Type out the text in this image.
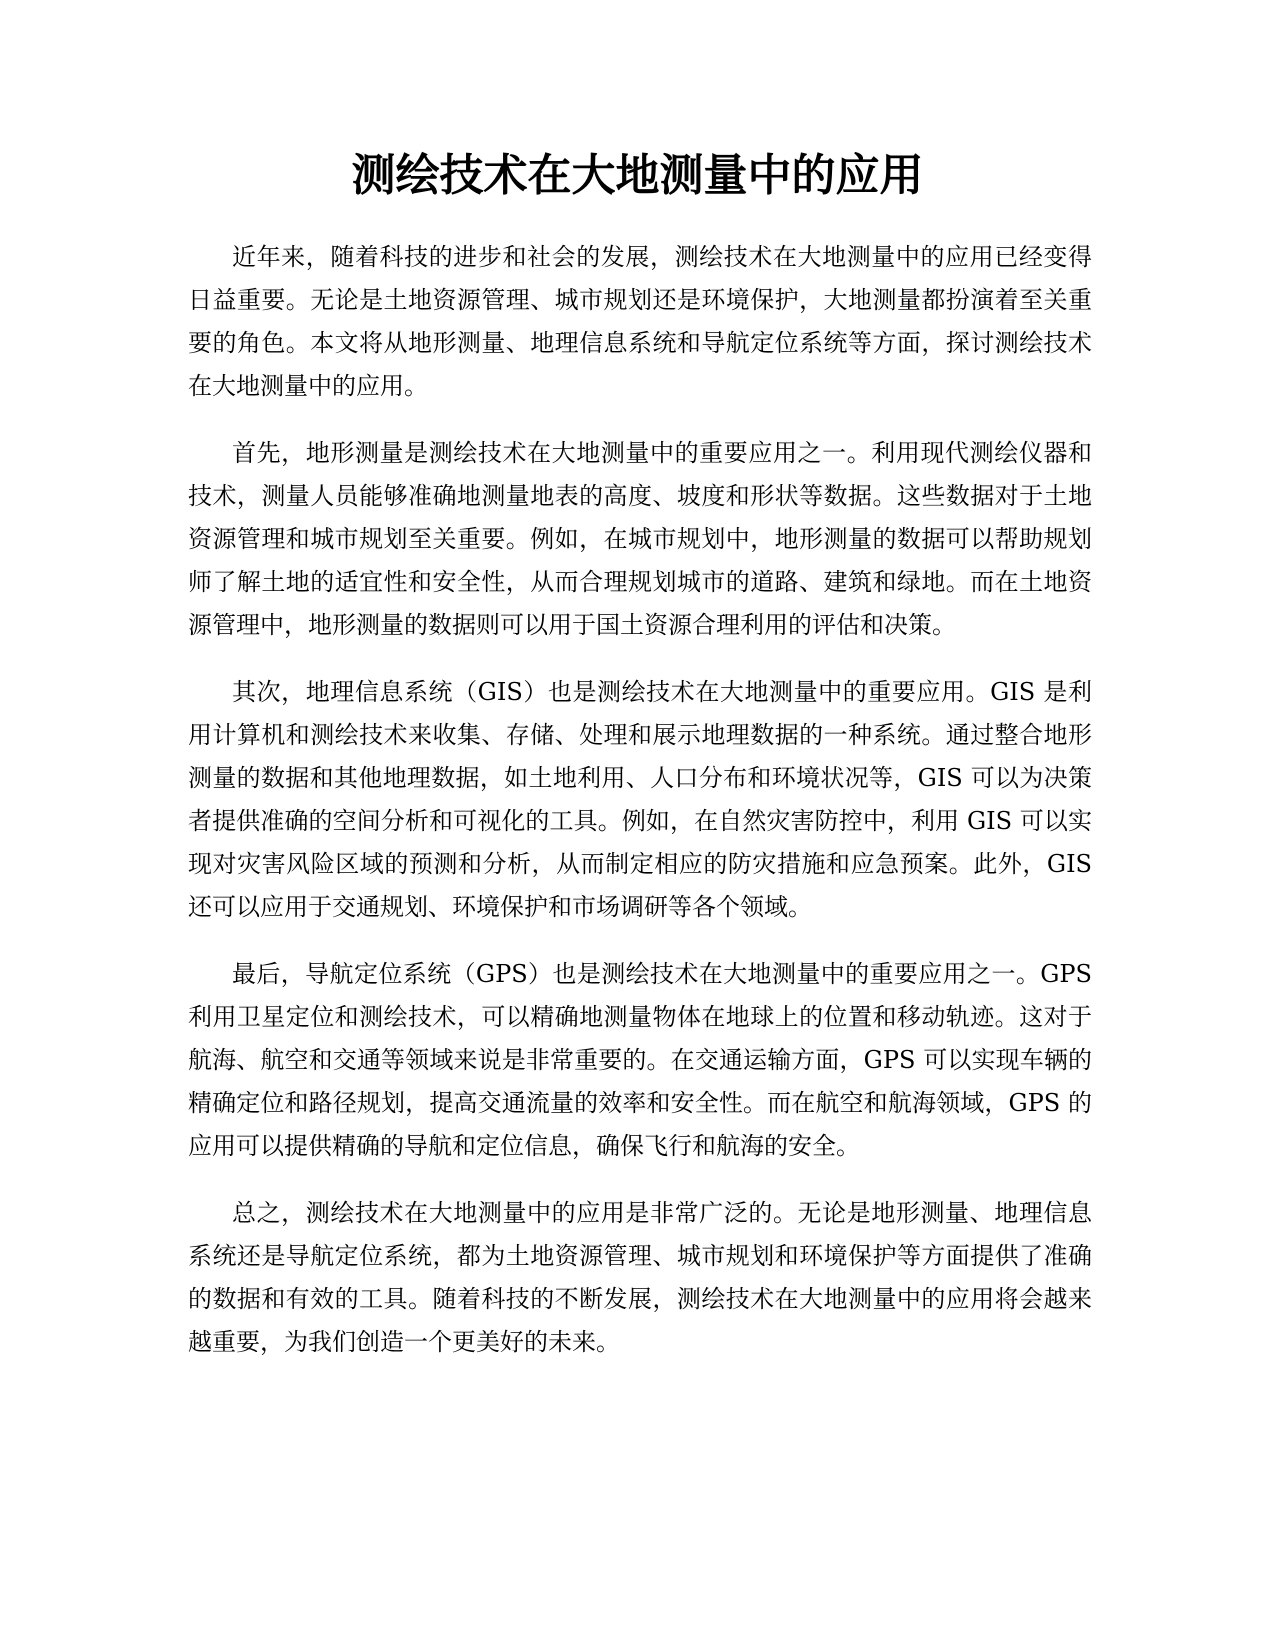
测绘技术在大地测量中的应用

近年来，随着科技的进步和社会的发展，测绘技术在大地测量中的应用已经变得日益重要。无论是土地资源管理、城市规划还是环境保护，大地测量都扮演着至关重要的角色。本文将从地形测量、地理信息系统和导航定位系统等方面，探讨测绘技术在大地测量中的应用。

首先，地形测量是测绘技术在大地测量中的重要应用之一。利用现代测绘仪器和技术，测量人员能够准确地测量地表的高度、坡度和形状等数据。这些数据对于土地资源管理和城市规划至关重要。例如，在城市规划中，地形测量的数据可以帮助规划师了解土地的适宜性和安全性，从而合理规划城市的道路、建筑和绿地。而在土地资源管理中，地形测量的数据则可以用于国土资源合理利用的评估和决策。

其次，地理信息系统（GIS）也是测绘技术在大地测量中的重要应用。GIS 是利用计算机和测绘技术来收集、存储、处理和展示地理数据的一种系统。通过整合地形测量的数据和其他地理数据，如土地利用、人口分布和环境状况等，GIS 可以为决策者提供准确的空间分析和可视化的工具。例如，在自然灾害防控中，利用 GIS 可以实现对灾害风险区域的预测和分析，从而制定相应的防灾措施和应急预案。此外，GIS 还可以应用于交通规划、环境保护和市场调研等各个领域。

最后，导航定位系统（GPS）也是测绘技术在大地测量中的重要应用之一。GPS 利用卫星定位和测绘技术，可以精确地测量物体在地球上的位置和移动轨迹。这对于航海、航空和交通等领域来说是非常重要的。在交通运输方面，GPS 可以实现车辆的精确定位和路径规划，提高交通流量的效率和安全性。而在航空和航海领域，GPS 的应用可以提供精确的导航和定位信息，确保飞行和航海的安全。

总之，测绘技术在大地测量中的应用是非常广泛的。无论是地形测量、地理信息系统还是导航定位系统，都为土地资源管理、城市规划和环境保护等方面提供了准确的数据和有效的工具。随着科技的不断发展，测绘技术在大地测量中的应用将会越来越重要，为我们创造一个更美好的未来。
